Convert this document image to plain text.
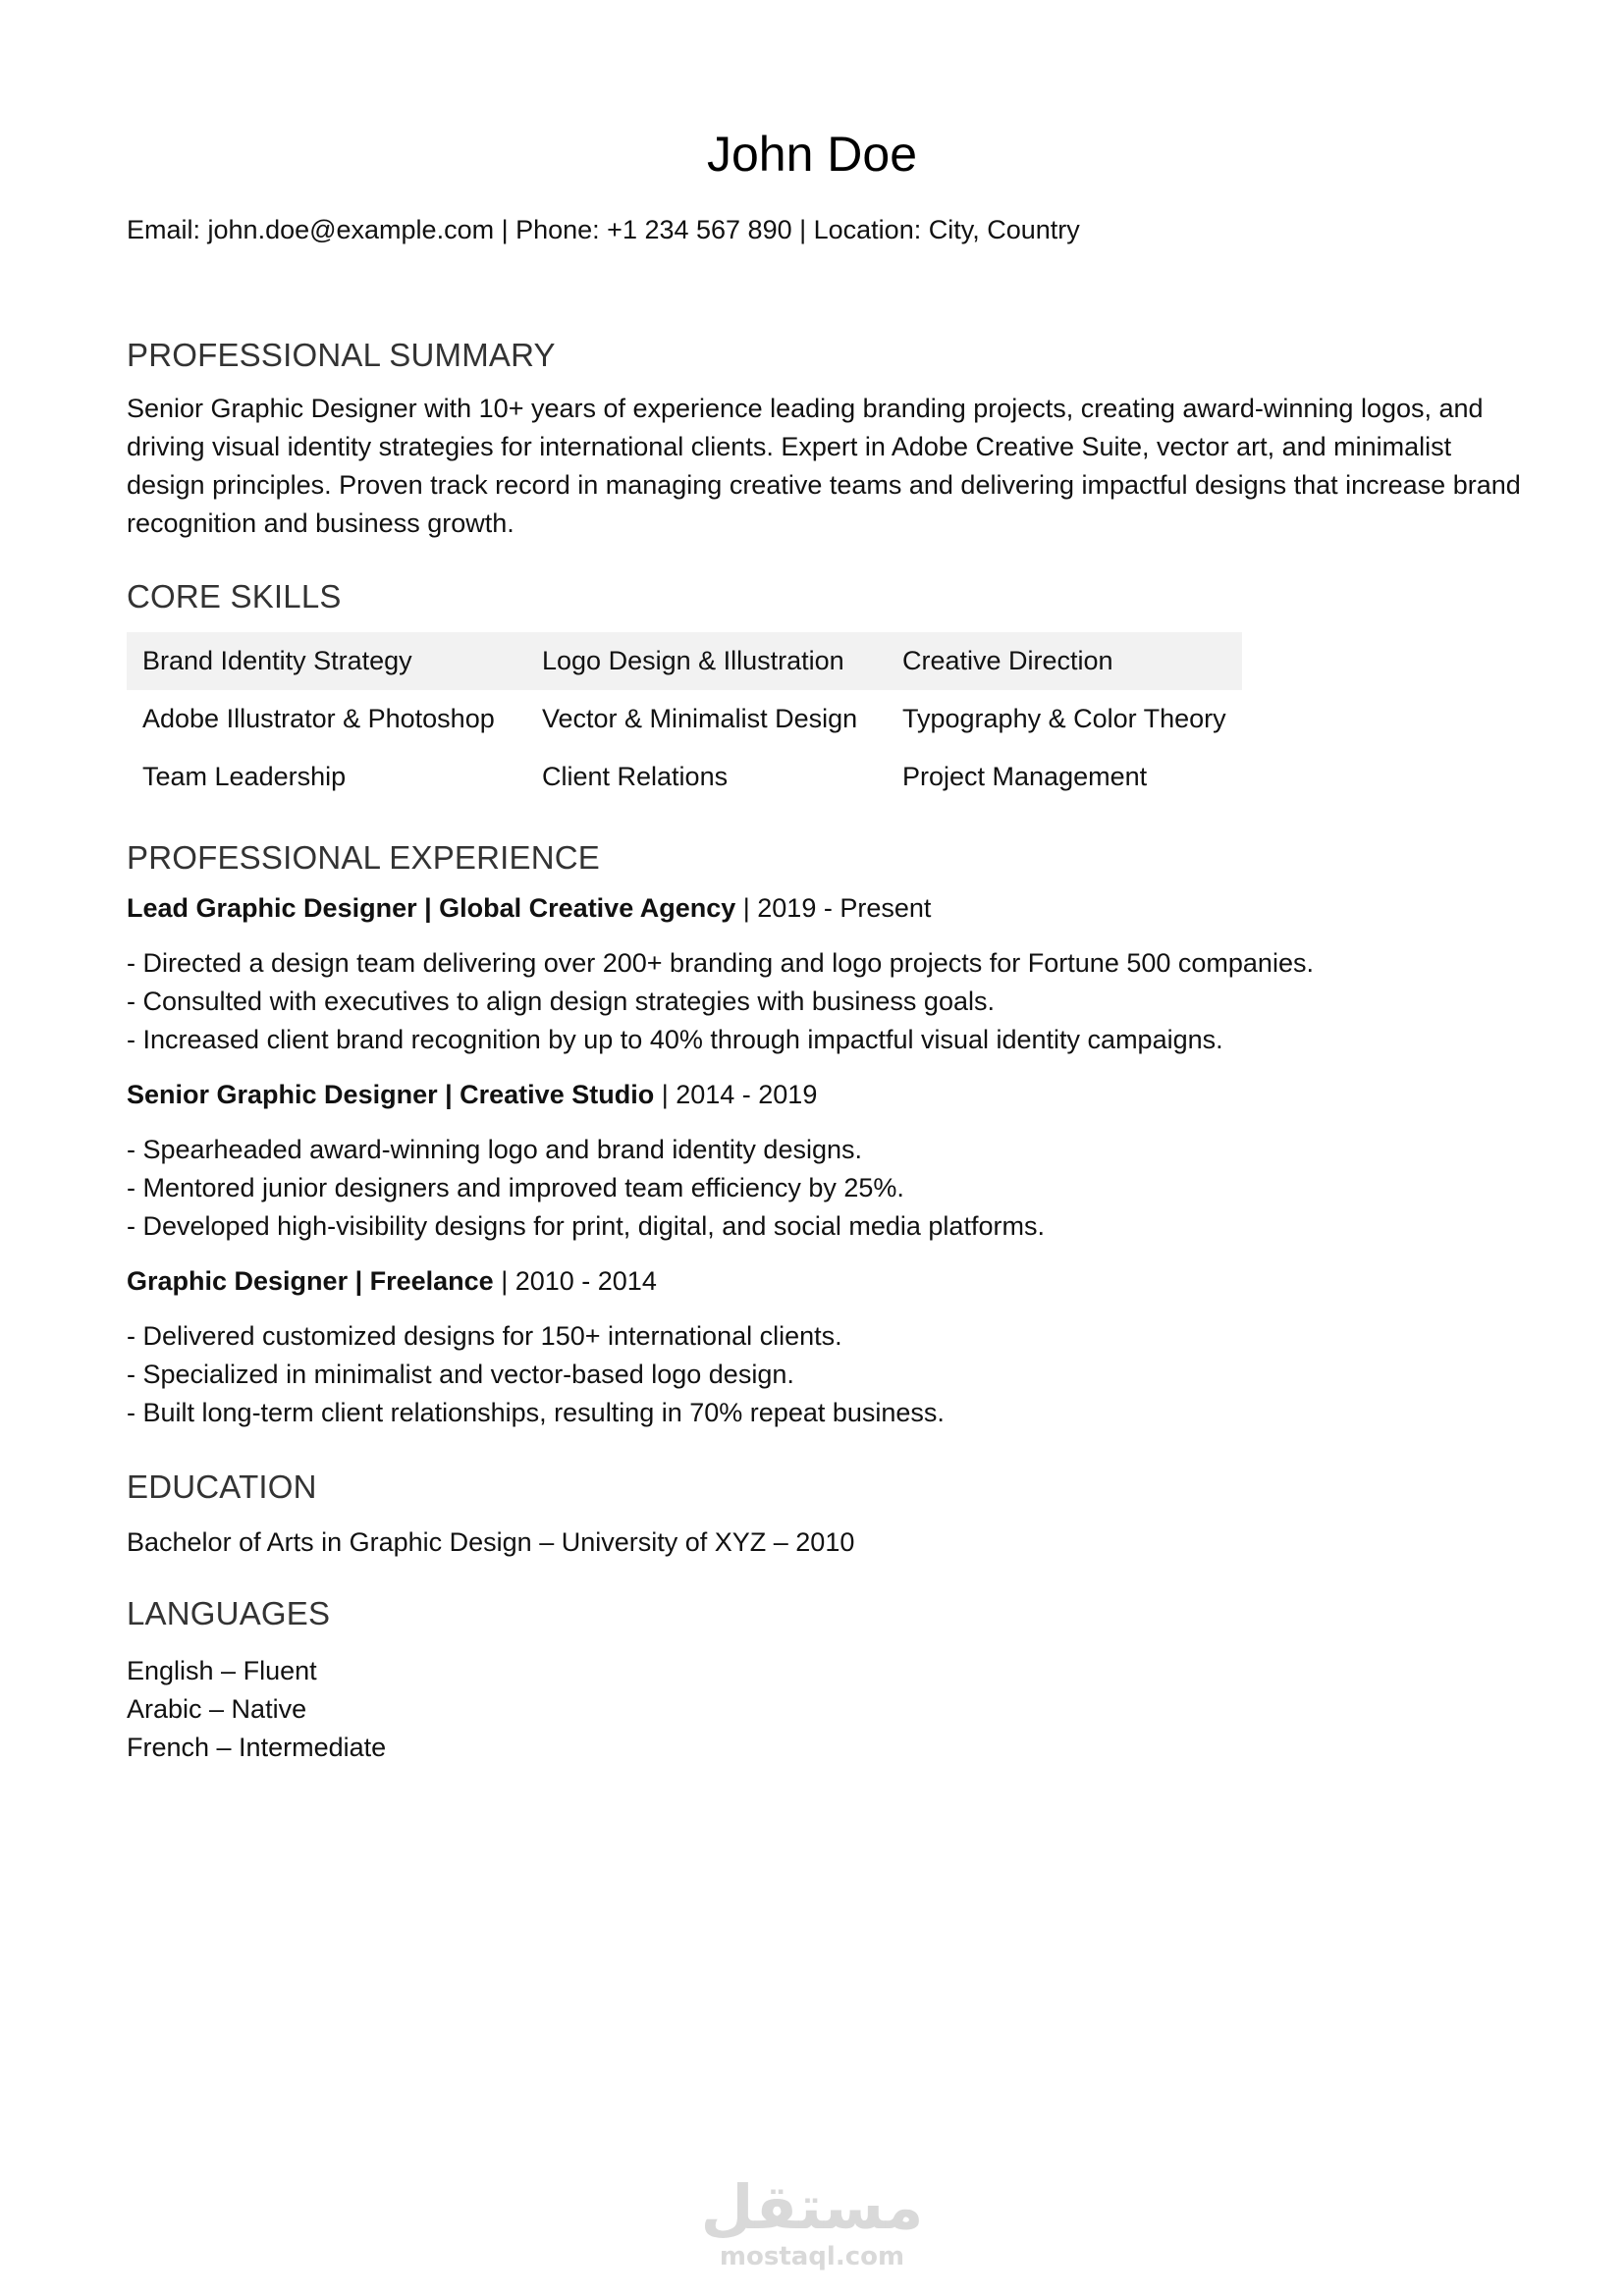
John Doe

Email: john.doe@example.com | Phone: +1 234 567 890 | Location: City, Country

PROFESSIONAL SUMMARY

Senior Graphic Designer with 10+ years of experience leading branding projects, creating award-winning logos, and driving visual identity strategies for international clients. Expert in Adobe Creative Suite, vector art, and minimalist design principles. Proven track record in managing creative teams and delivering impactful designs that increase brand recognition and business growth.

CORE SKILLS
Brand Identity Strategy	Logo Design & Illustration	Creative Direction
Adobe Illustrator & Photoshop	Vector & Minimalist Design	Typography & Color Theory
Team Leadership	Client Relations	Project Management
PROFESSIONAL EXPERIENCE

Lead Graphic Designer | Global Creative Agency | 2019 - Present

- Directed a design team delivering over 200+ branding and logo projects for Fortune 500 companies.
- Consulted with executives to align design strategies with business goals.
- Increased client brand recognition by up to 40% through impactful visual identity campaigns.

Senior Graphic Designer | Creative Studio | 2014 - 2019

- Spearheaded award-winning logo and brand identity designs.
- Mentored junior designers and improved team efficiency by 25%.
- Developed high-visibility designs for print, digital, and social media platforms.

Graphic Designer | Freelance | 2010 - 2014

- Delivered customized designs for 150+ international clients.
- Specialized in minimalist and vector-based logo design.
- Built long-term client relationships, resulting in 70% repeat business.
EDUCATION

Bachelor of Arts in Graphic Design – University of XYZ – 2010

LANGUAGES
English – Fluent
Arabic – Native
French – Intermediate
مستقل
mostaql.com
